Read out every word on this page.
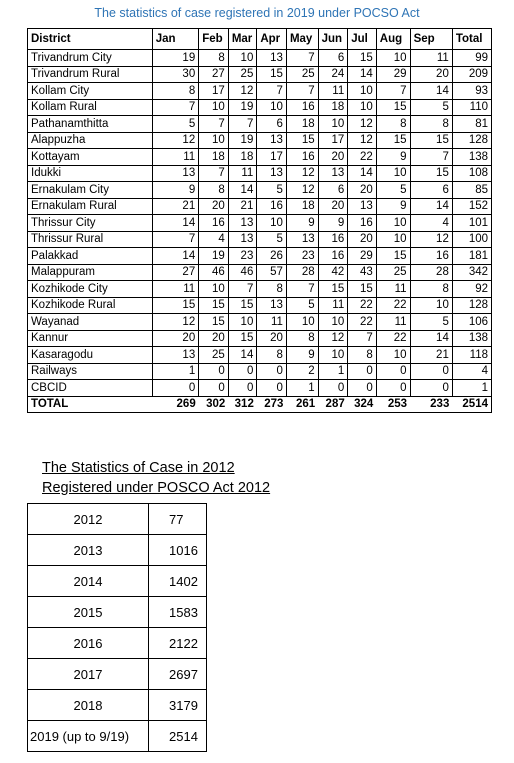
The statistics of case registered in 2019 under POCSO Act
District	Jan	Feb	Mar	Apr	May	Jun	Jul	Aug	Sep	Total
Trivandrum City	19	8	10	13	7	6	15	10	11	99
Trivandrum Rural	30	27	25	15	25	24	14	29	20	209
Kollam City	8	17	12	7	7	11	10	7	14	93
Kollam Rural	7	10	19	10	16	18	10	15	5	110
Pathanamthitta	5	7	7	6	18	10	12	8	8	81
Alappuzha	12	10	19	13	15	17	12	15	15	128
Kottayam	11	18	18	17	16	20	22	9	7	138
Idukki	13	7	11	13	12	13	14	10	15	108
Ernakulam City	9	8	14	5	12	6	20	5	6	85
Ernakulam Rural	21	20	21	16	18	20	13	9	14	152
Thrissur City	14	16	13	10	9	9	16	10	4	101
Thrissur Rural	7	4	13	5	13	16	20	10	12	100
Palakkad	14	19	23	26	23	16	29	15	16	181
Malappuram	27	46	46	57	28	42	43	25	28	342
Kozhikode City	11	10	7	8	7	15	15	11	8	92
Kozhikode Rural	15	15	15	13	5	11	22	22	10	128
Wayanad	12	15	10	11	10	10	22	11	5	106
Kannur	20	20	15	20	8	12	7	22	14	138
Kasaragodu	13	25	14	8	9	10	8	10	21	118
Railways	1	0	0	0	2	1	0	0	0	4
CBCID	0	0	0	0	1	0	0	0	0	1
TOTAL	269	302	312	273	261	287	324	253	233	2514
The Statistics of Case in 2012
Registered under POSCO Act 2012
2012	77
2013	1016
2014	1402
2015	1583
2016	2122
2017	2697
2018	3179
2019 (up to 9/19)	2514
